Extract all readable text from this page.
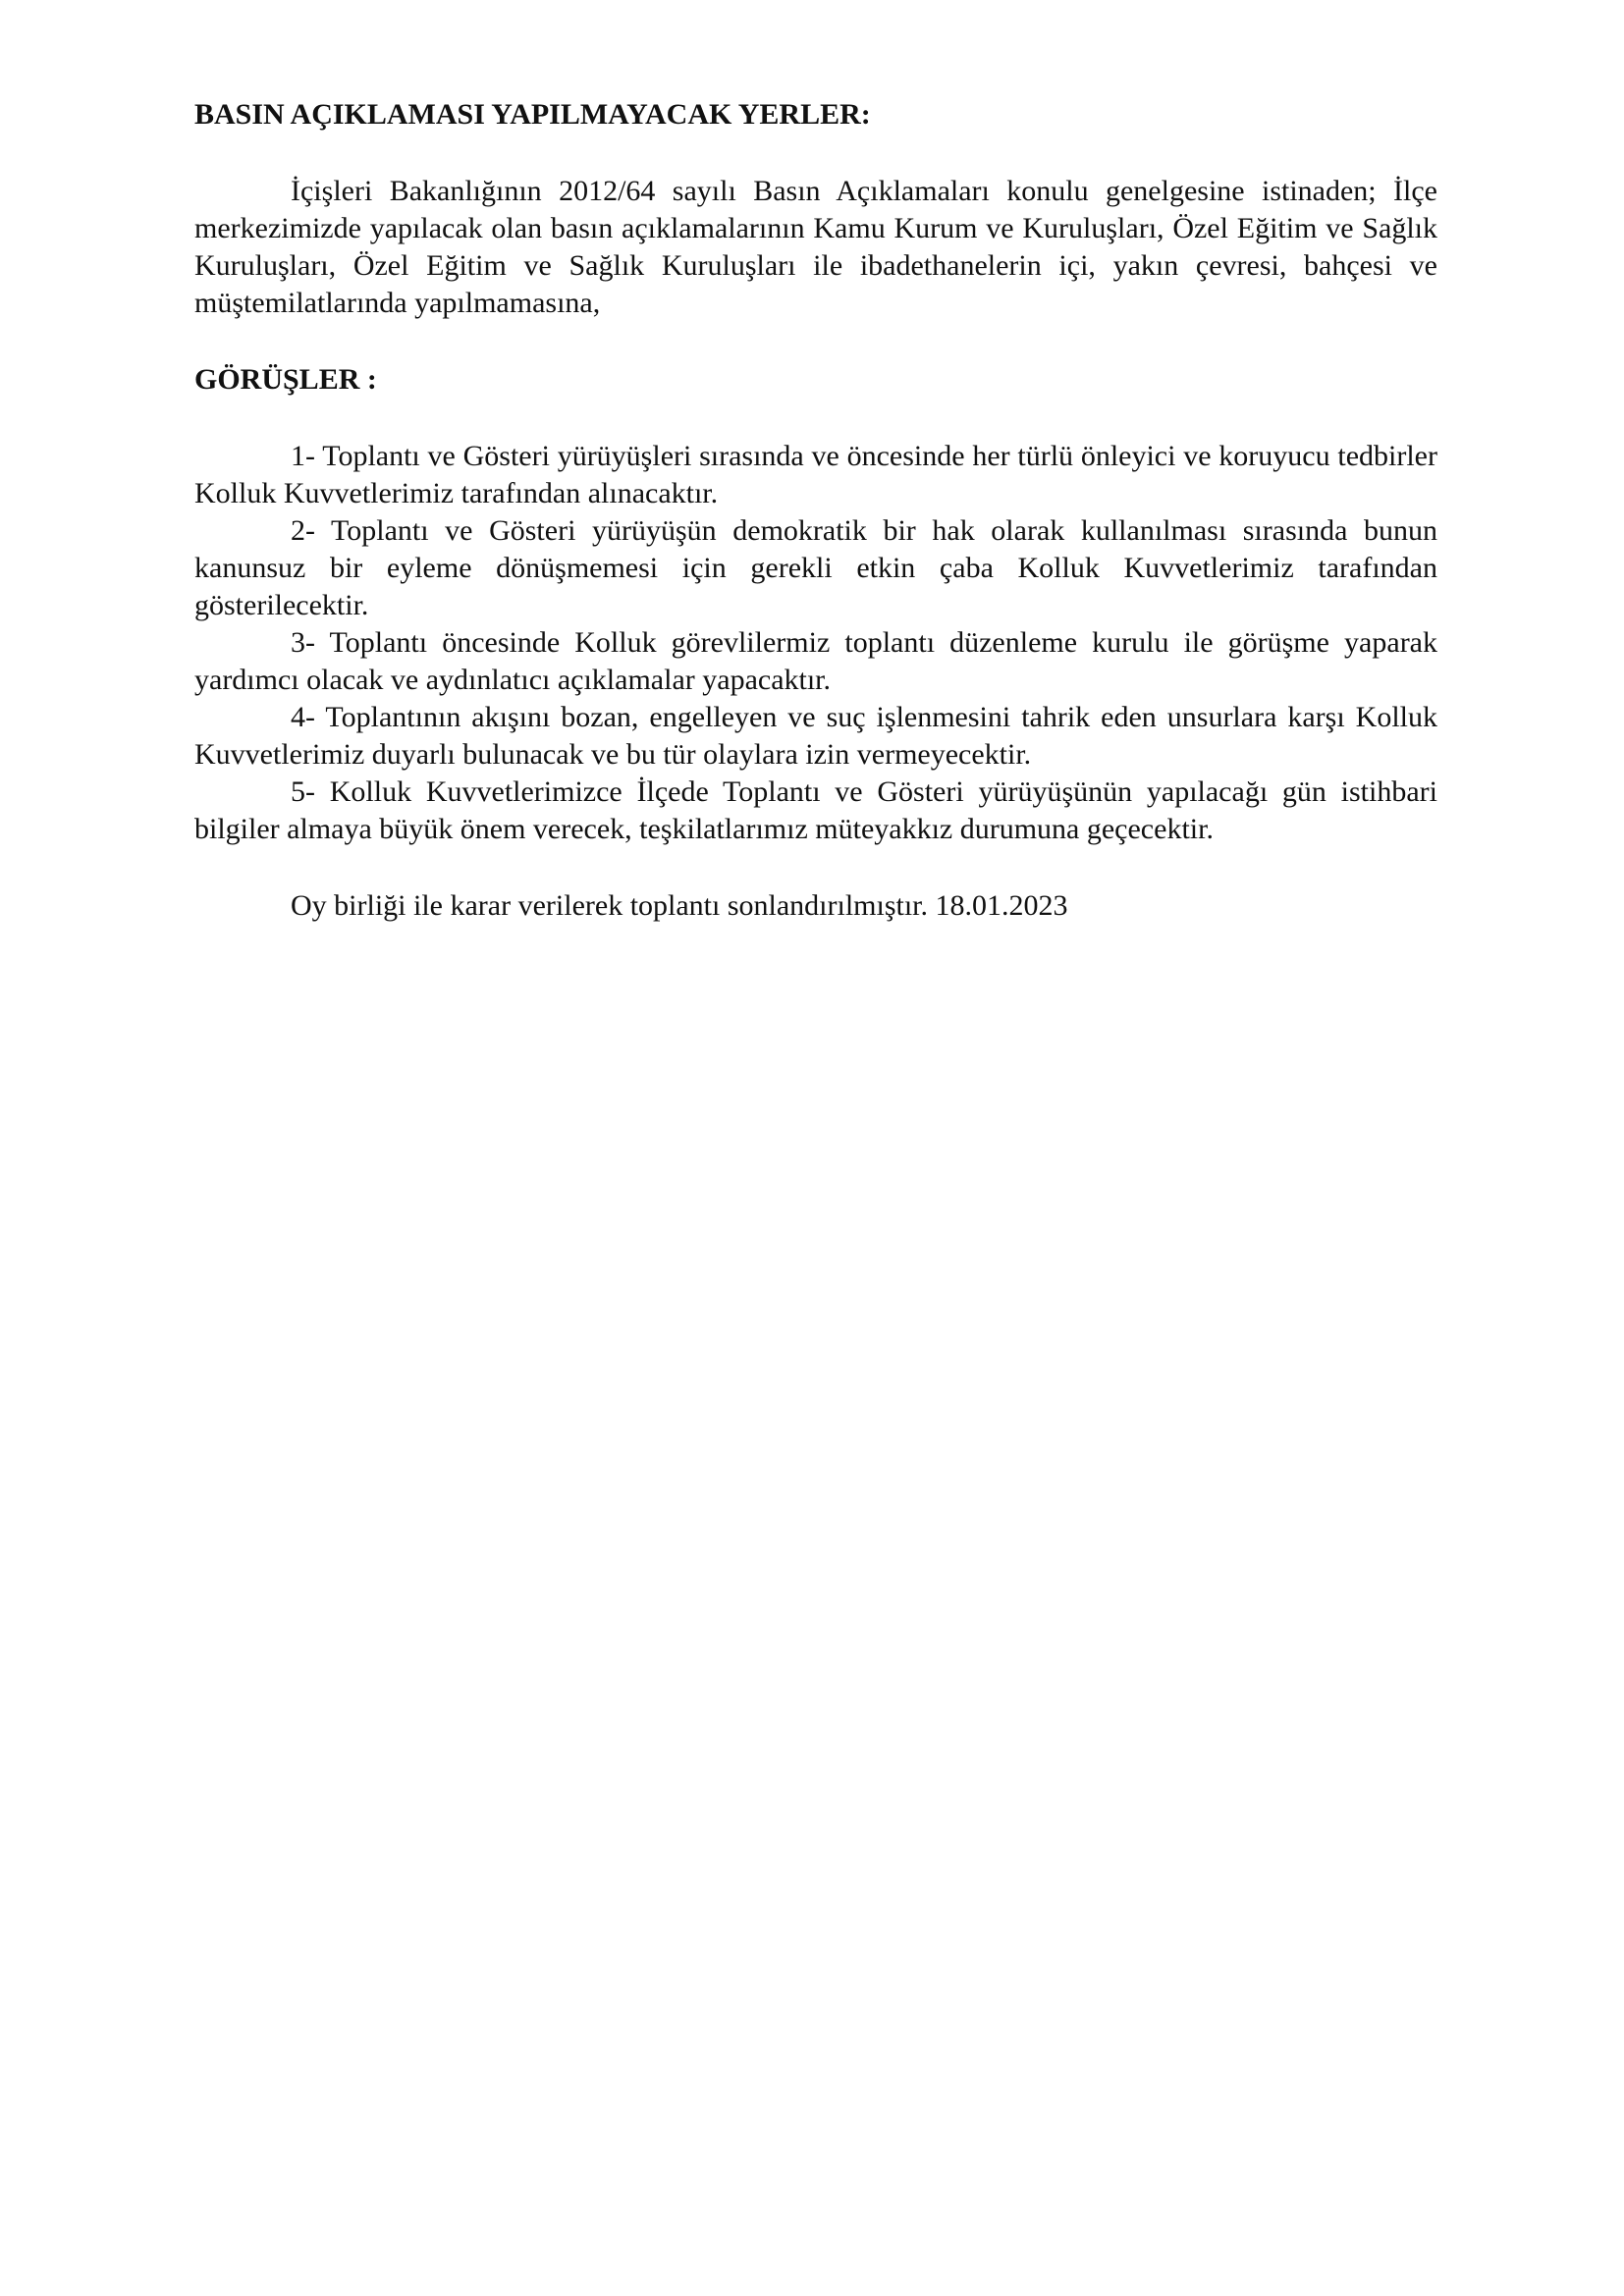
BASIN AÇIKLAMASI YAPILMAYACAK YERLER:

İçişleri Bakanlığının 2012/64 sayılı Basın Açıklamaları konulu genelgesine istinaden; İlçe merkezimizde yapılacak olan basın açıklamalarının Kamu Kurum ve Kuruluşları, Özel Eğitim ve Sağlık Kuruluşları, Özel Eğitim ve Sağlık Kuruluşları ile ibadethanelerin içi, yakın çevresi, bahçesi ve müştemilatlarında yapılmamasına,

GÖRÜŞLER :

1- Toplantı ve Gösteri yürüyüşleri sırasında ve öncesinde her türlü önleyici ve koruyucu tedbirler Kolluk Kuvvetlerimiz tarafından alınacaktır.

2- Toplantı ve Gösteri yürüyüşün demokratik bir hak olarak kullanılması sırasında bunun kanunsuz bir eyleme dönüşmemesi için gerekli etkin çaba Kolluk Kuvvetlerimiz tarafından gösterilecektir.

3- Toplantı öncesinde Kolluk görevlilermiz toplantı düzenleme kurulu ile görüşme yaparak yardımcı olacak ve aydınlatıcı açıklamalar yapacaktır.

4- Toplantının akışını bozan, engelleyen ve suç işlenmesini tahrik eden unsurlara karşı Kolluk Kuvvetlerimiz duyarlı bulunacak ve bu tür olaylara izin vermeyecektir.

5- Kolluk Kuvvetlerimizce İlçede Toplantı ve Gösteri yürüyüşünün yapılacağı gün istihbari bilgiler almaya büyük önem verecek, teşkilatlarımız müteyakkız durumuna geçecektir.

Oy birliği ile karar verilerek toplantı sonlandırılmıştır. 18.01.2023
